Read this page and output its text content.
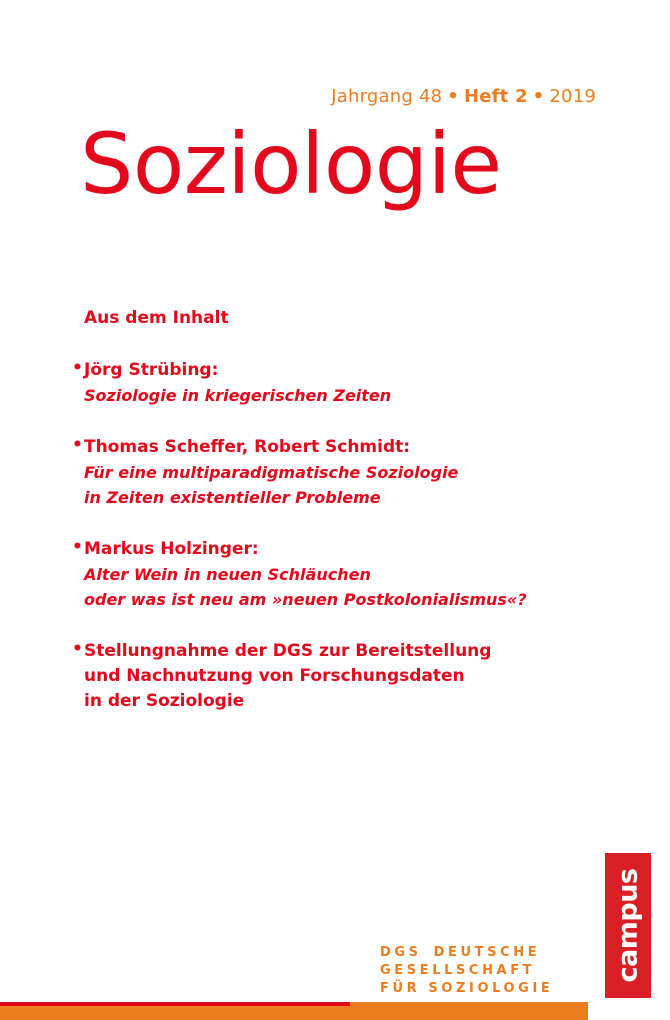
Jahrgang 48 • Heft 2 • 2019
Soziologie
Aus dem Inhalt
• Jörg Strübing:
Soziologie in kriegerischen Zeiten
• Thomas Scheffer, Robert Schmidt:
Für eine multiparadigmatische Soziologie
in Zeiten existentieller Probleme
• Markus Holzinger:
Alter Wein in neuen Schläuchen
oder was ist neu am »neuen Postkolonialismus«?
• Stellungnahme der DGS zur Bereitstellung
und Nachnutzung von Forschungsdaten
in der Soziologie
DGS DEUTSCHE
GESELLSCHAFT
FÜR SOZIOLOGIE
campus
